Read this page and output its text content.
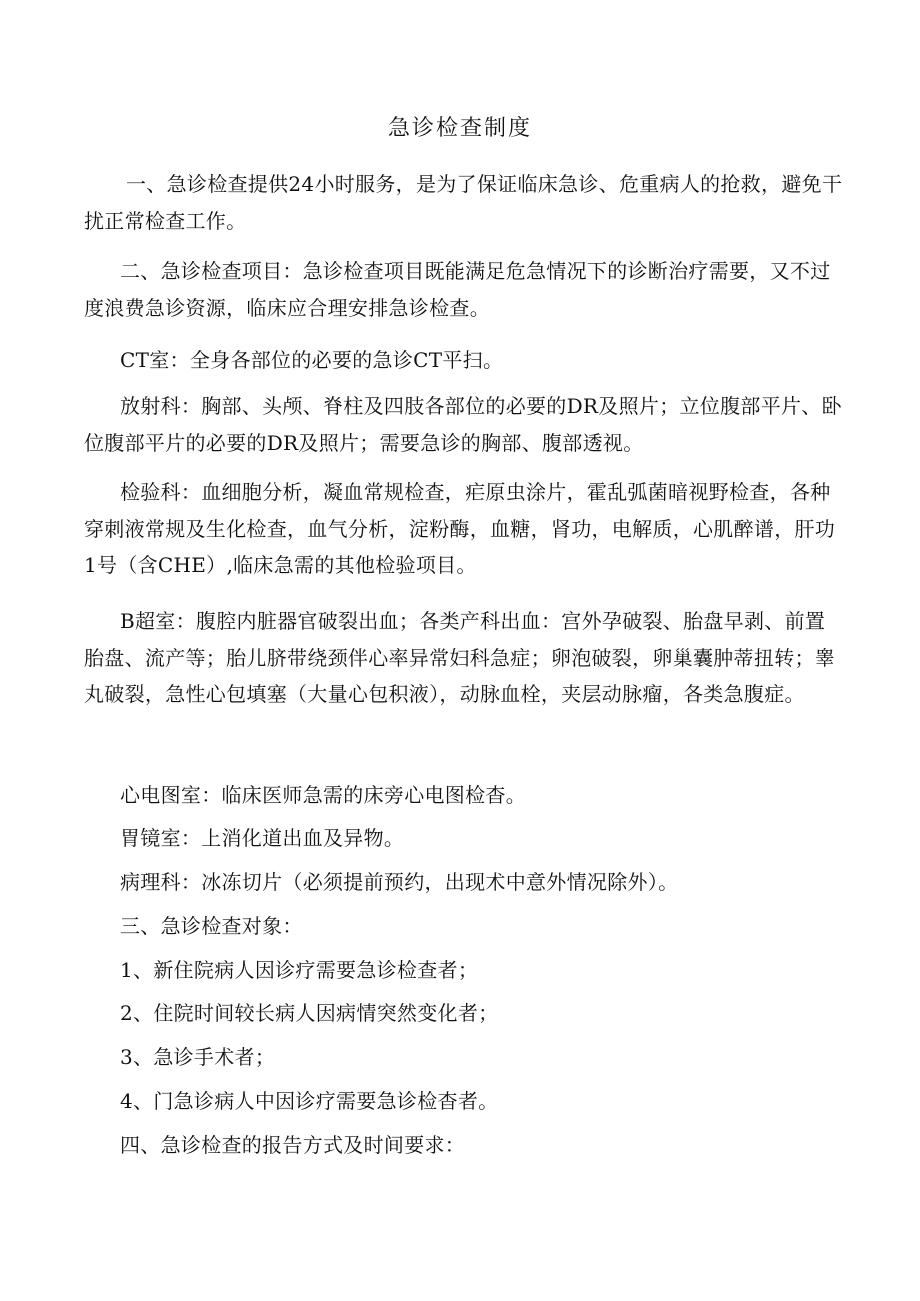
急诊检查制度

一、急诊检查提供24小时服务，是为了保证临床急诊、危重病人的抢救，避免干扰正常检查工作。

二、急诊检查项目：急诊检查项目既能满足危急情况下的诊断治疗需要，又不过度浪费急诊资源，临床应合理安排急诊检查。

CT室：全身各部位的必要的急诊CT平扫。

放射科：胸部、头颅、脊柱及四肢各部位的必要的DR及照片；立位腹部平片、卧位腹部平片的必要的DR及照片；需要急诊的胸部、腹部透视。

检验科：血细胞分析，凝血常规检查，疟原虫涂片，霍乱弧菌暗视野检查，各种穿刺液常规及生化检查，血气分析，淀粉酶，血糖，肾功，电解质，心肌醉谱，肝功1号（含CHE）,临床急需的其他检验项目。

B超室：腹腔内脏器官破裂出血；各类产科出血：宫外孕破裂、胎盘早剥、前置胎盘、流产等；胎儿脐带绕颈伴心率异常妇科急症；卵泡破裂，卵巢囊肿蒂扭转；睾丸破裂，急性心包填塞（大量心包积液），动脉血栓，夹层动脉瘤，各类急腹症。

心电图室：临床医师急需的床旁心电图检杳。

胃镜室：上消化道出血及异物。

病理科：冰冻切片（必须提前预约，出现术中意外情况除外）。

三、急诊检查对象：

1、新住院病人因诊疗需要急诊检查者；

2、住院时间较长病人因病情突然变化者；

3、急诊手术者；

4、门急诊病人中因诊疗需要急诊检杳者。

四、急诊检查的报告方式及时间要求：
